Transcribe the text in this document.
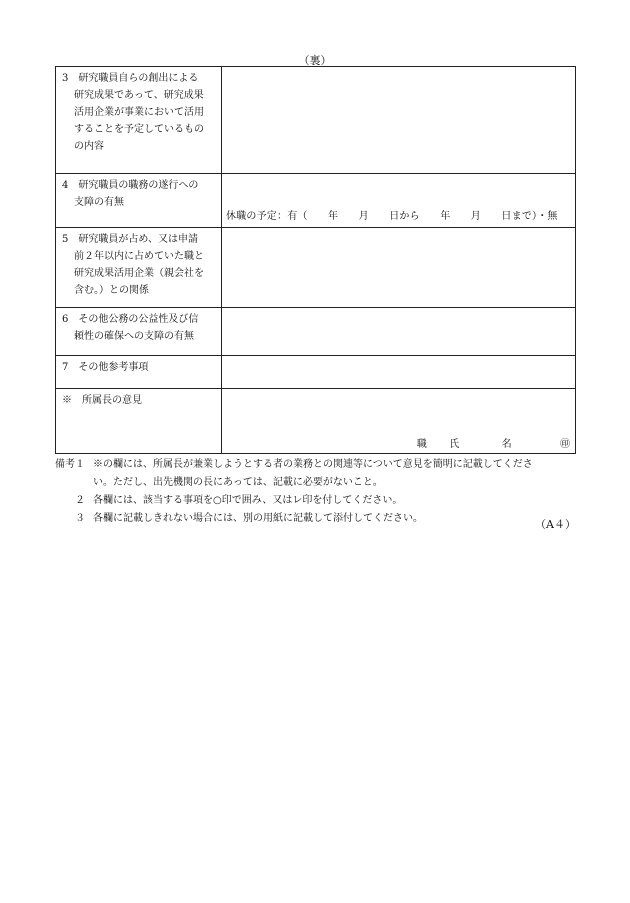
（裏）
3　研究職員自らの創出による
研究成果であって、研究成果
活用企業が事業において活用
することを予定しているもの
の内容	

4　研究職員の職務の遂行への
支障の有無	休職の予定：有（　　年　　月　　日から　　年　　月　　日まで）・無

5　研究職員が占め、又は申請
前２年以内に占めていた職と
研究成果活用企業（親会社を
含む。）との関係	

6　その他公務の公益性及び信
頼性の確保への支障の有無	

7　その他参考事項	

※　所属長の意見	職 氏 名 ㊞
備考１ ※の欄には、所属長が兼業しようとする者の業務との関連等について意見を簡明に記載してくださ
い。ただし、出先機関の長にあっては、記載に必要がないこと。
２ 各欄には、該当する事項を○印で囲み、又はレ印を付してください。
３ 各欄に記載しきれない場合には、別の用紙に記載して添付してください。	（A４）
